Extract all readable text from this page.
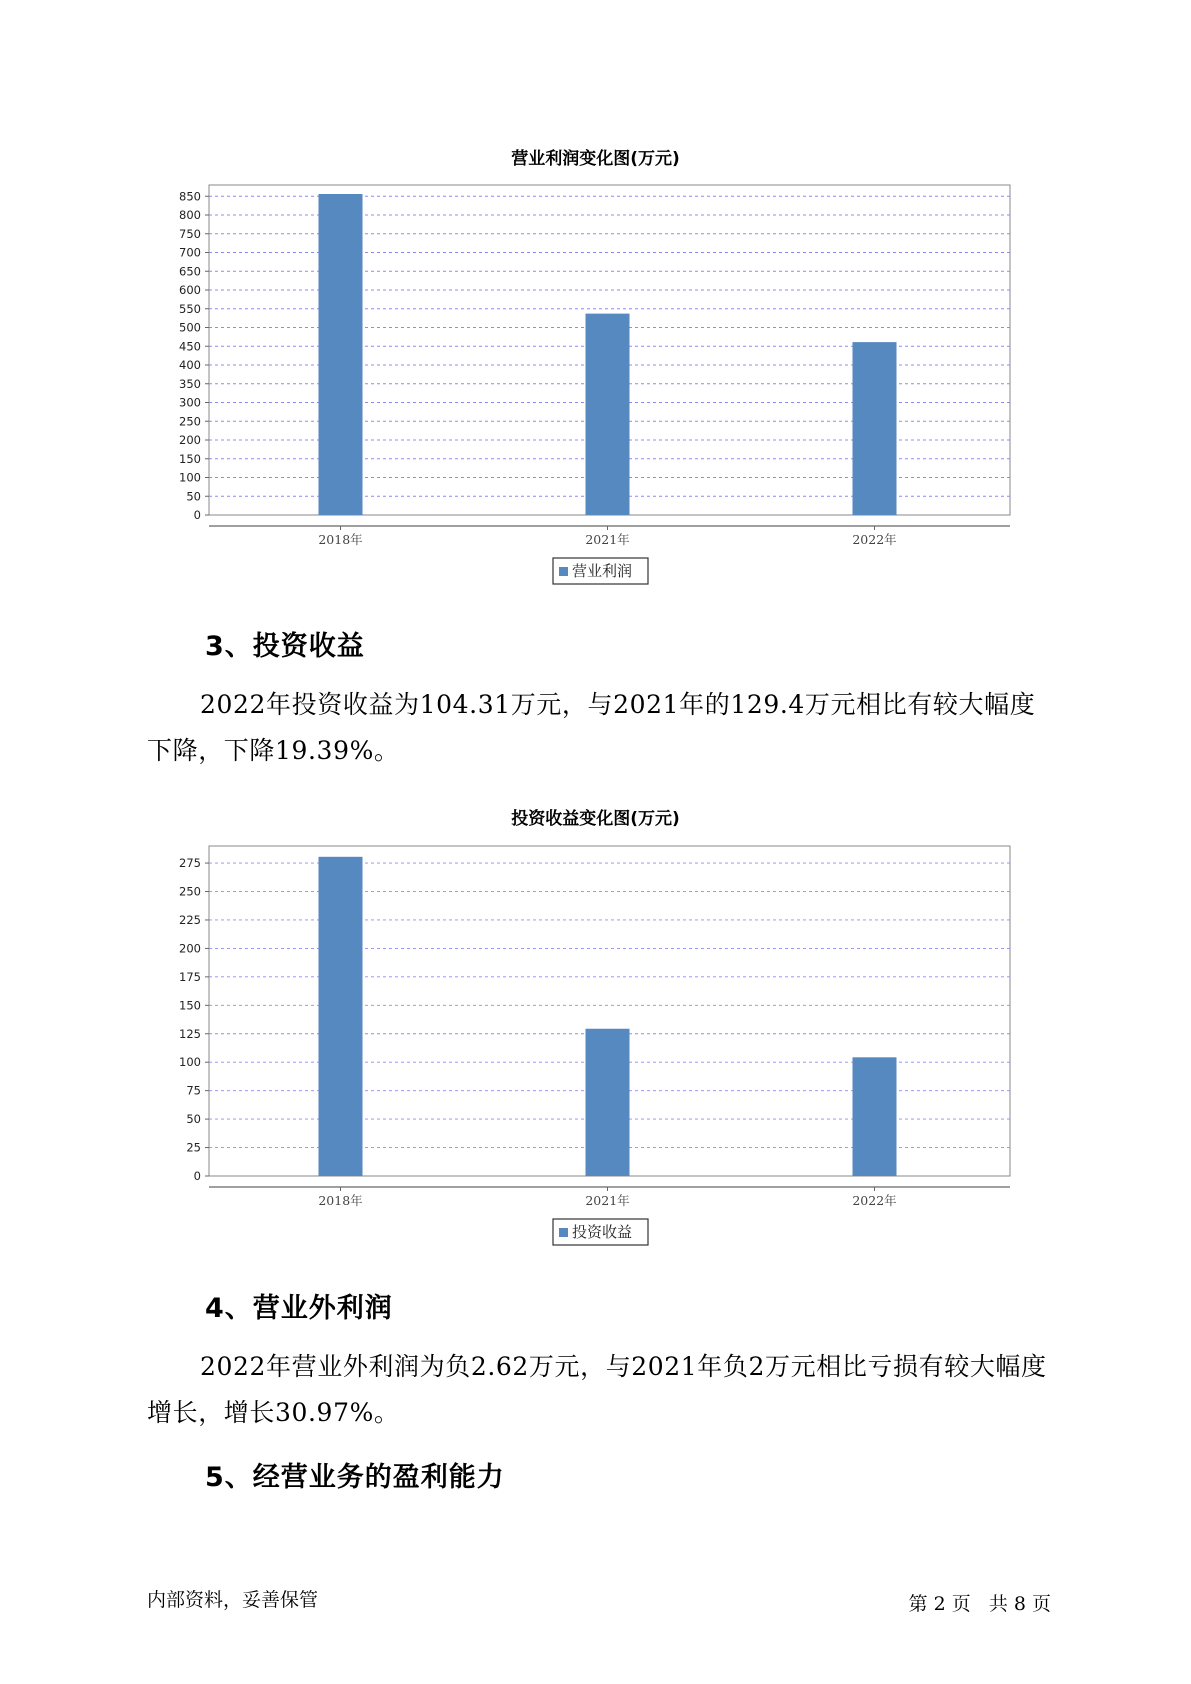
营业利润变化图(万元)
0
50
100
150
200
250
300
350
400
450
500
550
600
650
700
750
800
850
2018年	2021年	2022年
营业利润
3、投资收益

2022年投资收益为104.31万元，与2021年的129.4万元相比有较大幅度下降，下降19.39%。

投资收益变化图(万元)
0
25
50
75
100
125
150
175
200
225
250
275
2018年	2021年	2022年
投资收益
4、营业外利润

2022年营业外利润为负2.62万元，与2021年负2万元相比亏损有较大幅度增长，增长30.97%。

5、经营业务的盈利能力
内部资料，妥善保管	第 2 页   共 8 页
